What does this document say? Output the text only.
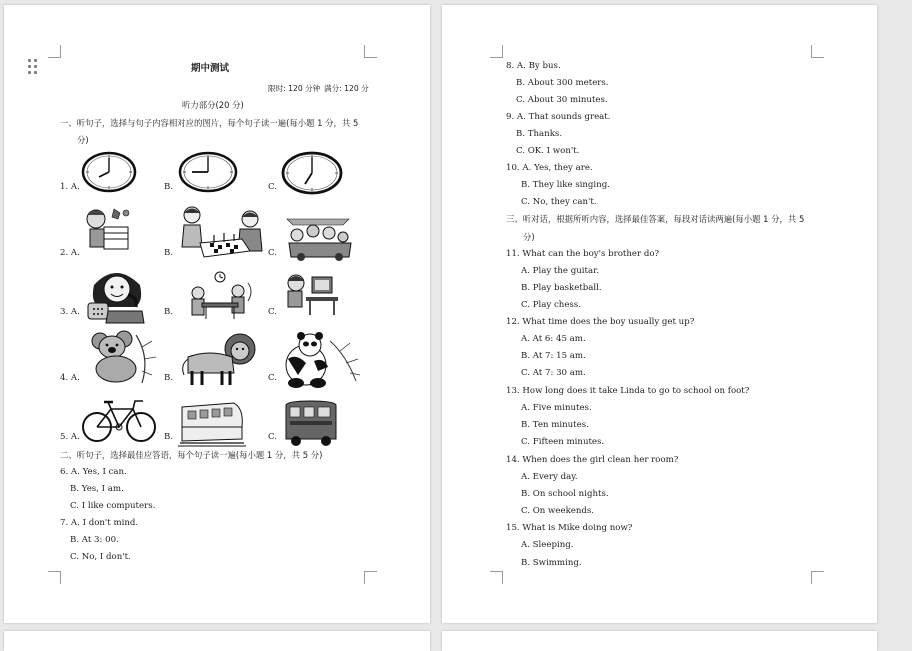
期中测试
限时: 120 分钟 满分: 120 分
听力部分(20 分)
一、听句子，选择与句子内容相对应的图片，每个句子读一遍(每小题 1 分，共 5
分)
1. A.	B.	C.
2. A.	B.	C.
3. A.	B.	C.
4. A.	B.	C.
5. A.	B.	C.
二、听句子，选择最佳应答语，每个句子读一遍(每小题 1 分，共 5 分)
6. A. Yes, I can.
B. Yes, I am.
C. I like computers.
7. A. I don't mind.
B. At 3: 00.
C. No, I don't.
8. A. By bus.
B. About 300 meters.
C. About 30 minutes.
9. A. That sounds great.
B. Thanks.
C. OK. I won't.
10. A. Yes, they are.
B. They like singing.
C. No, they can't.
三、听对话，根据所听内容，选择最佳答案，每段对话读两遍(每小题 1 分，共 5
分)
11. What can the boy's brother do?
A. Play the guitar.
B. Play basketball.
C. Play chess.
12. What time does the boy usually get up?
A. At 6: 45 am.
B. At 7: 15 am.
C. At 7: 30 am.
13. How long does it take Linda to go to school on foot?
A. Five minutes.
B. Ten minutes.
C. Fifteen minutes.
14. When does the girl clean her room?
A. Every day.
B. On school nights.
C. On weekends.
15. What is Mike doing now?
A. Sleeping.
B. Swimming.
